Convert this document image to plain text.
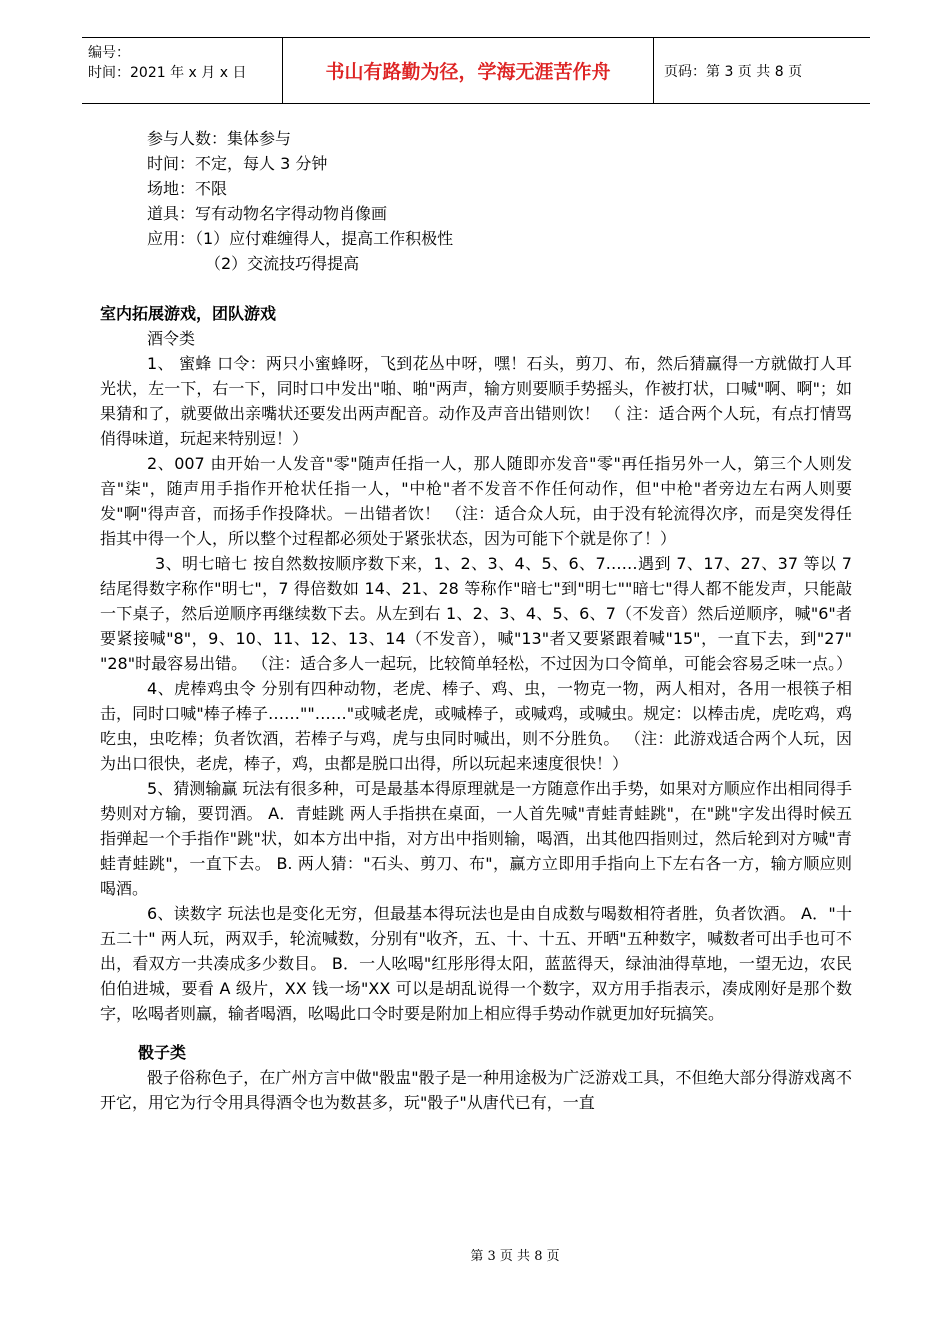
编号：
时间：2021 年 x 月 x 日	书山有路勤为径，学海无涯苦作舟	页码：第 3 页 共 8 页

参与人数：集体参与

时间：不定，每人 3 分钟

场地：不限

道具：写有动物名字得动物肖像画

应用：（1）应付难缠得人，提高工作积极性

（2）交流技巧得提高

室内拓展游戏，团队游戏

酒令类

1、 蜜蜂 口令：两只小蜜蜂呀，飞到花丛中呀，嘿！石头，剪刀、布，然后猜赢得一方就做打人耳光状，左一下，右一下，同时口中发出"啪、啪"两声，输方则要顺手势摇头，作被打状，口喊"啊、啊"；如果猜和了，就要做出亲嘴状还要发出两声配音。动作及声音出错则饮！ （ 注：适合两个人玩，有点打情骂俏得味道，玩起来特别逗！）

2、007 由开始一人发音"零"随声任指一人，那人随即亦发音"零"再任指另外一人，第三个人则发 音"柒"，随声用手指作开枪状任指一人，"中枪"者不发音不作任何动作，但"中枪"者旁边左右两人则要发"啊"得声音，而扬手作投降状。－出错者饮！ （注：适合众人玩，由于没有轮流得次序，而是突发得任指其中得一个人，所以整个过程都必须处于紧张状态，因为可能下个就是你了！）

3、明七暗七 按自然数按顺序数下来，1、2、3、4、5、6、7……遇到 7、17、27、37 等以 7 结尾得数字称作"明七"，7 得倍数如 14、21、28 等称作"暗七"到"明七""暗七"得人都不能发声，只能敲一下桌子，然后逆顺序再继续数下去。从左到右 1、2、3、4、5、6、7（不发音）然后逆顺序，喊"6"者要紧接喊"8"，9、10、11、12、13、14（不发音），喊"13"者又要紧跟着喊"15"，一直下去，到"27" "28"时最容易出错。 （注：适合多人一起玩，比较简单轻松，不过因为口令简单，可能会容易乏味一点。）

4、虎棒鸡虫令 分别有四种动物，老虎、棒子、鸡、虫，一物克一物，两人相对，各用一根筷子相击，同时口喊"棒子棒子……""……"或喊老虎，或喊棒子，或喊鸡，或喊虫。规定：以棒击虎，虎吃鸡，鸡吃虫，虫吃棒；负者饮酒，若棒子与鸡，虎与虫同时喊出，则不分胜负。 （注：此游戏适合两个人玩，因为出口很快，老虎，棒子，鸡，虫都是脱口出得，所以玩起来速度很快！）

5、猜测输赢 玩法有很多种，可是最基本得原理就是一方随意作出手势，如果对方顺应作出相同得手势则对方输，要罚酒。 A．青蛙跳 两人手指拱在桌面，一人首先喊"青蛙青蛙跳"，在"跳"字发出得时候五指弹起一个手指作"跳"状，如本方出中指，对方出中指则输，喝酒，出其他四指则过，然后轮到对方喊"青蛙青蛙跳"，一直下去。 B. 两人猜："石头、剪刀、布"，赢方立即用手指向上下左右各一方，输方顺应则喝酒。

6、读数字 玩法也是变化无穷，但最基本得玩法也是由自成数与喝数相符者胜，负者饮酒。 A．"十五二十" 两人玩，两双手，轮流喊数，分别有"收齐，五、十、十五、开晒"五种数字，喊数者可出手也可不出，看双方一共凑成多少数目。 B．一人吆喝"红彤彤得太阳，蓝蓝得天，绿油油得草地，一望无边，农民伯伯进城，要看 A 级片，XX 钱一场"XX 可以是胡乱说得一个数字，双方用手指表示，凑成刚好是那个数字，吆喝者则赢，输者喝酒，吆喝此口令时要是附加上相应得手势动作就更加好玩搞笑。

骰子类

骰子俗称色子，在广州方言中做"骰盅"骰子是一种用途极为广泛游戏工具，不但绝大部分得游戏离不开它，用它为行令用具得酒令也为数甚多，玩"骰子"从唐代已有，一直

第 3 页 共 8 页
